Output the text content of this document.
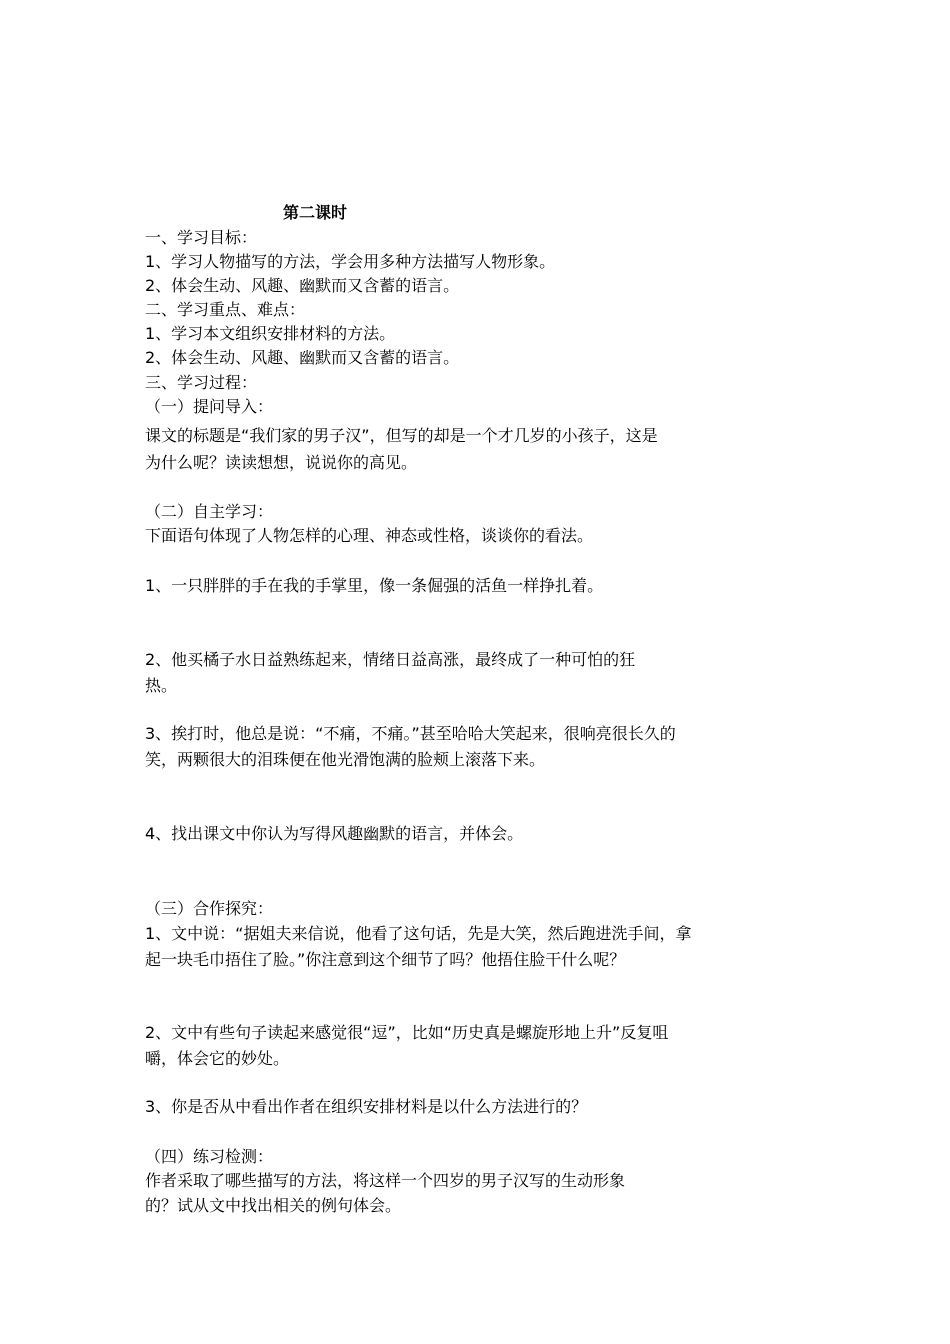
第二课时
一、学习目标：
1、学习人物描写的方法，学会用多种方法描写人物形象。
2、体会生动、风趣、幽默而又含蓄的语言。
二、学习重点、难点：
1、学习本文组织安排材料的方法。
2、体会生动、风趣、幽默而又含蓄的语言。
三、学习过程：
（一）提问导入：
课文的标题是“我们家的男子汉”，但写的却是一个才几岁的小孩子，这是
为什么呢？读读想想，说说你的高见。
（二）自主学习：
下面语句体现了人物怎样的心理、神态或性格，谈谈你的看法。
1、一只胖胖的手在我的手掌里，像一条倔强的活鱼一样挣扎着。
2、他买橘子水日益熟练起来，情绪日益高涨，最终成了一种可怕的狂
热。
3、挨打时，他总是说：“不痛，不痛。”甚至哈哈大笑起来，很响亮很长久的
笑，两颗很大的泪珠便在他光滑饱满的脸颊上滚落下来。
4、找出课文中你认为写得风趣幽默的语言，并体会。
（三）合作探究：
1、文中说：“据姐夫来信说，他看了这句话，先是大笑，然后跑进洗手间，拿
起一块毛巾捂住了脸。”你注意到这个细节了吗？他捂住脸干什么呢？
2、文中有些句子读起来感觉很“逗”，比如“历史真是螺旋形地上升”反复咀
嚼，体会它的妙处。
3、你是否从中看出作者在组织安排材料是以什么方法进行的？
（四）练习检测：
作者采取了哪些描写的方法，将这样一个四岁的男子汉写的生动形象
的？试从文中找出相关的例句体会。
